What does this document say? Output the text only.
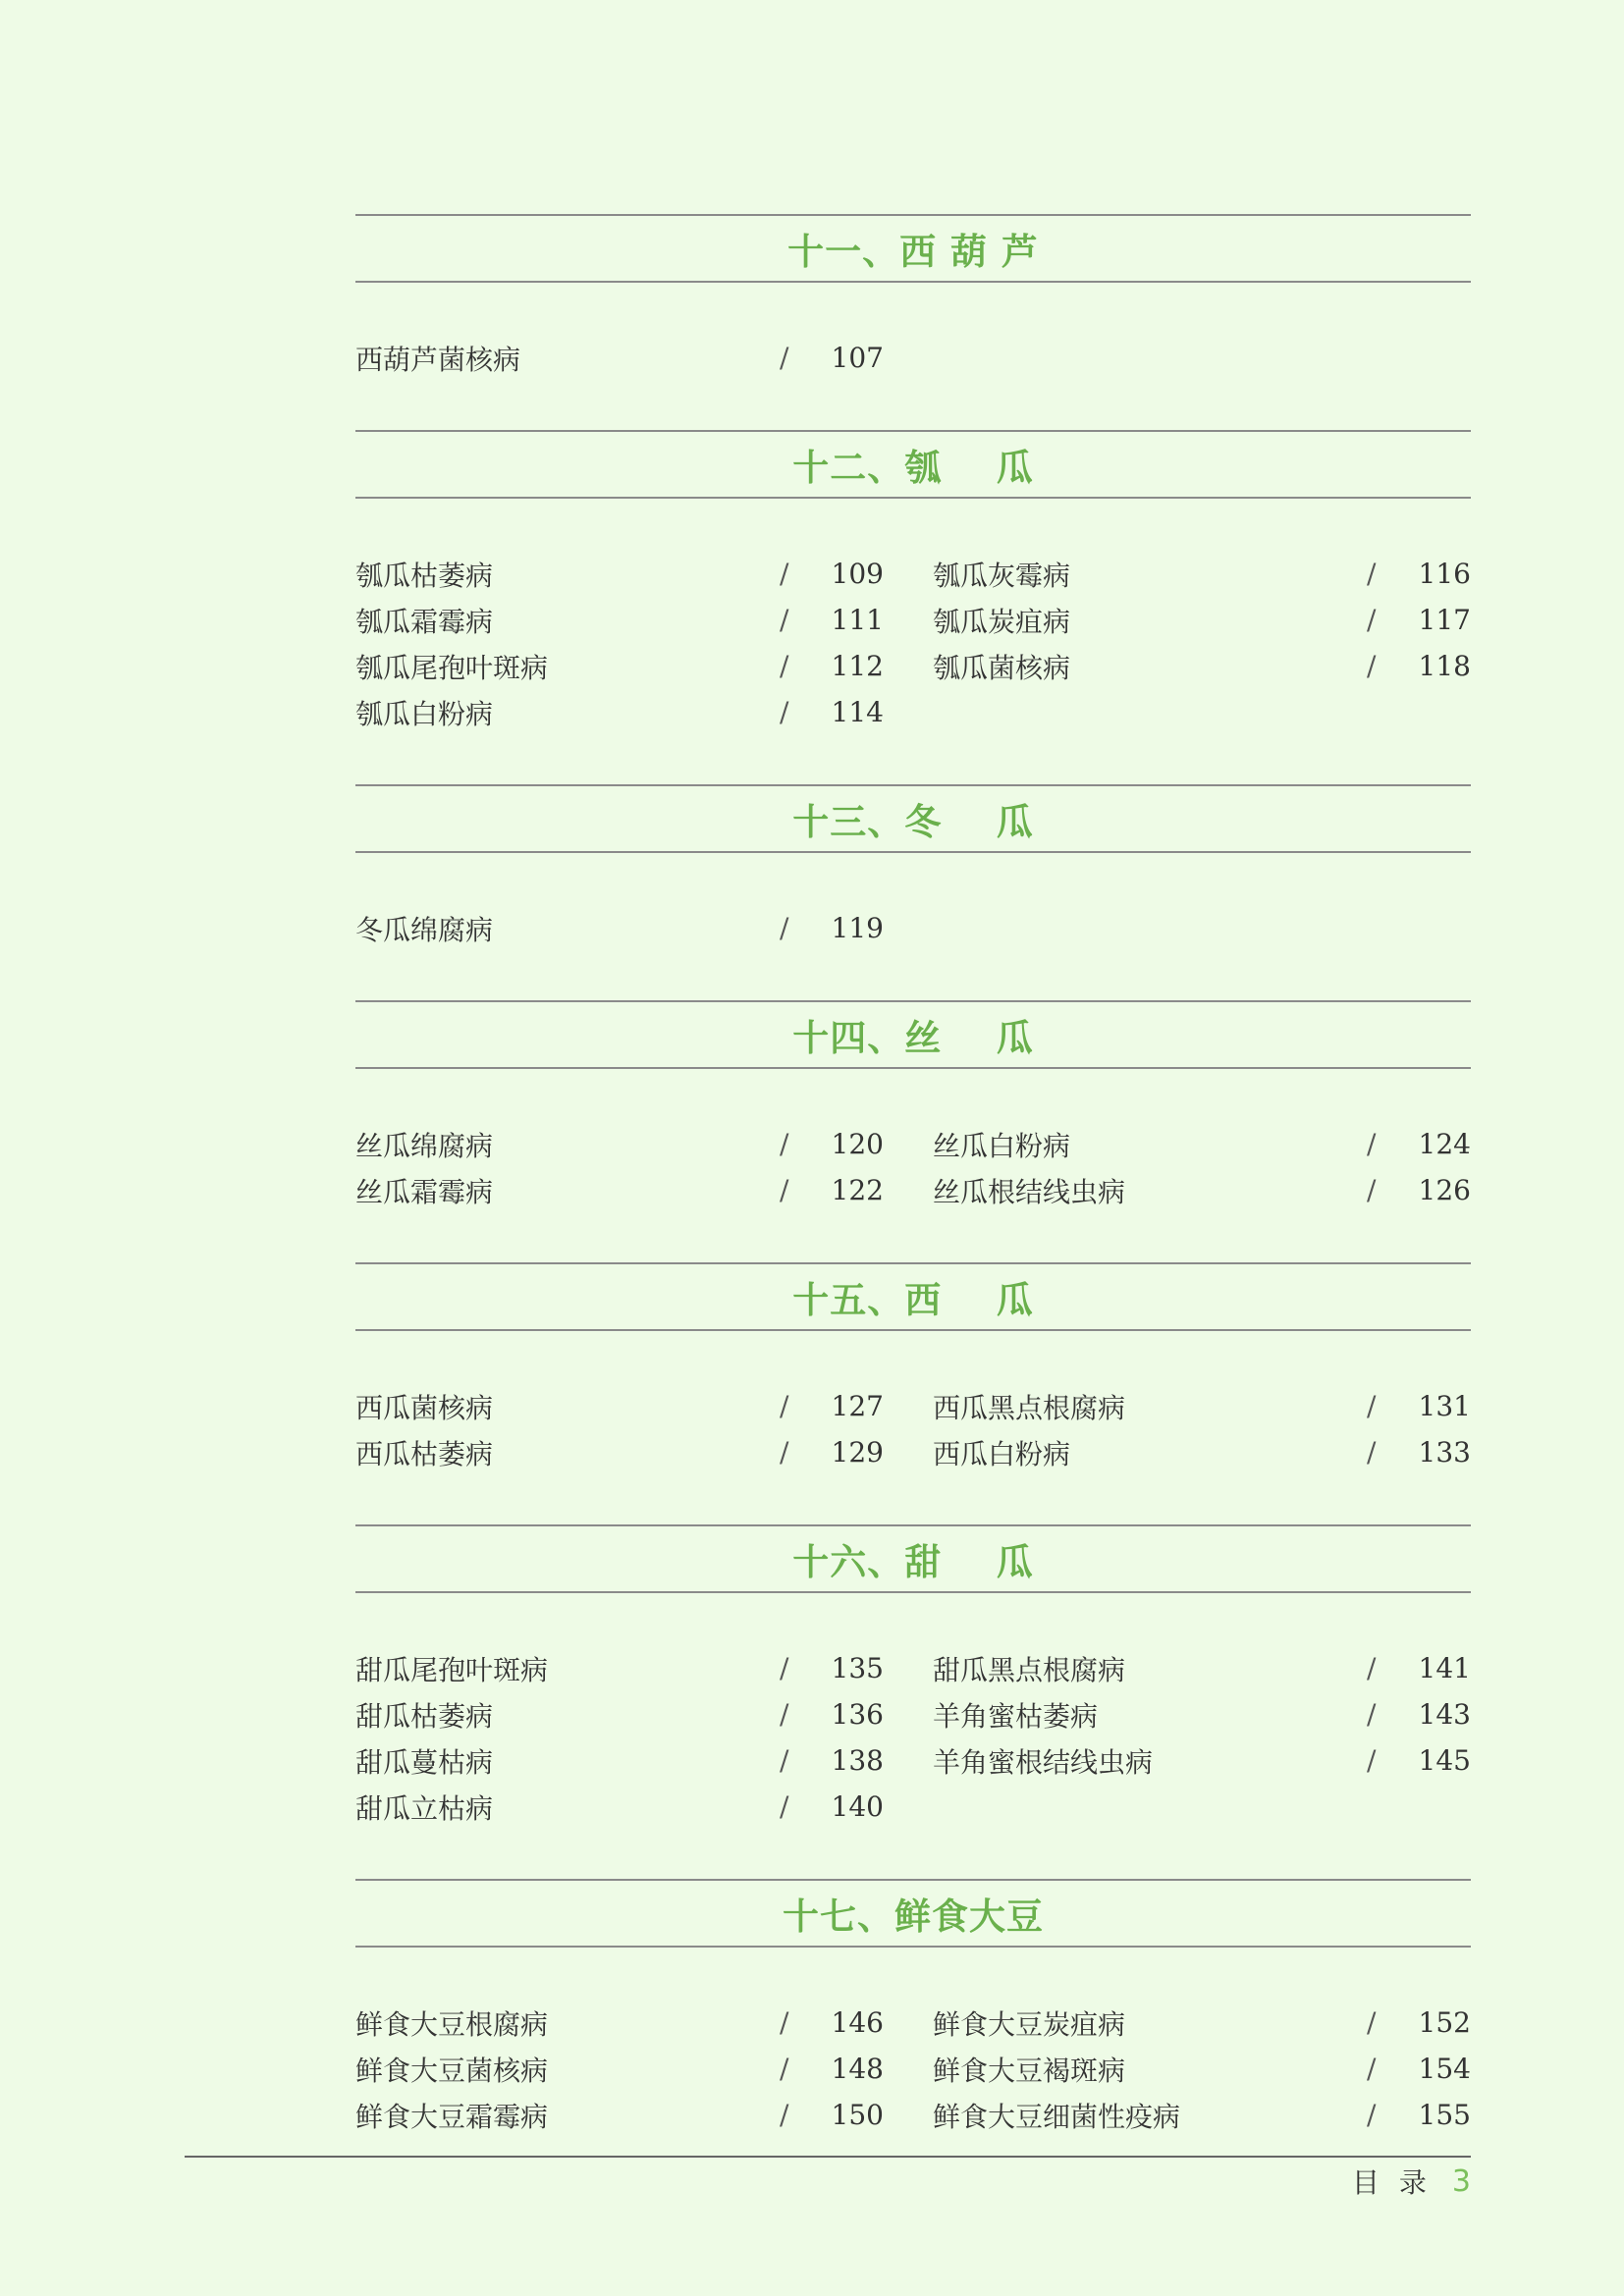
十一、西 葫 芦
西葫芦菌核病	/	107
十二、瓠    瓜
瓠瓜枯萎病	/	109 瓠瓜灰霉病	/	116
瓠瓜霜霉病	/	111 瓠瓜炭疽病	/	117
瓠瓜尾孢叶斑病	/	112 瓠瓜菌核病	/	118
瓠瓜白粉病	/	114
十三、冬    瓜
冬瓜绵腐病	/	119
十四、丝    瓜
丝瓜绵腐病	/	120 丝瓜白粉病	/	124
丝瓜霜霉病	/	122 丝瓜根结线虫病	/	126
十五、西    瓜
西瓜菌核病	/	127 西瓜黑点根腐病	/	131
西瓜枯萎病	/	129 西瓜白粉病	/	133
十六、甜    瓜
甜瓜尾孢叶斑病	/	135 甜瓜黑点根腐病	/	141
甜瓜枯萎病	/	136 羊角蜜枯萎病	/	143
甜瓜蔓枯病	/	138 羊角蜜根结线虫病	/	145
甜瓜立枯病	/	140
十七、鲜食大豆
鲜食大豆根腐病	/	146 鲜食大豆炭疽病	/	152
鲜食大豆菌核病	/	148 鲜食大豆褐斑病	/	154
鲜食大豆霜霉病	/	150 鲜食大豆细菌性疫病	/	155
目录 3
